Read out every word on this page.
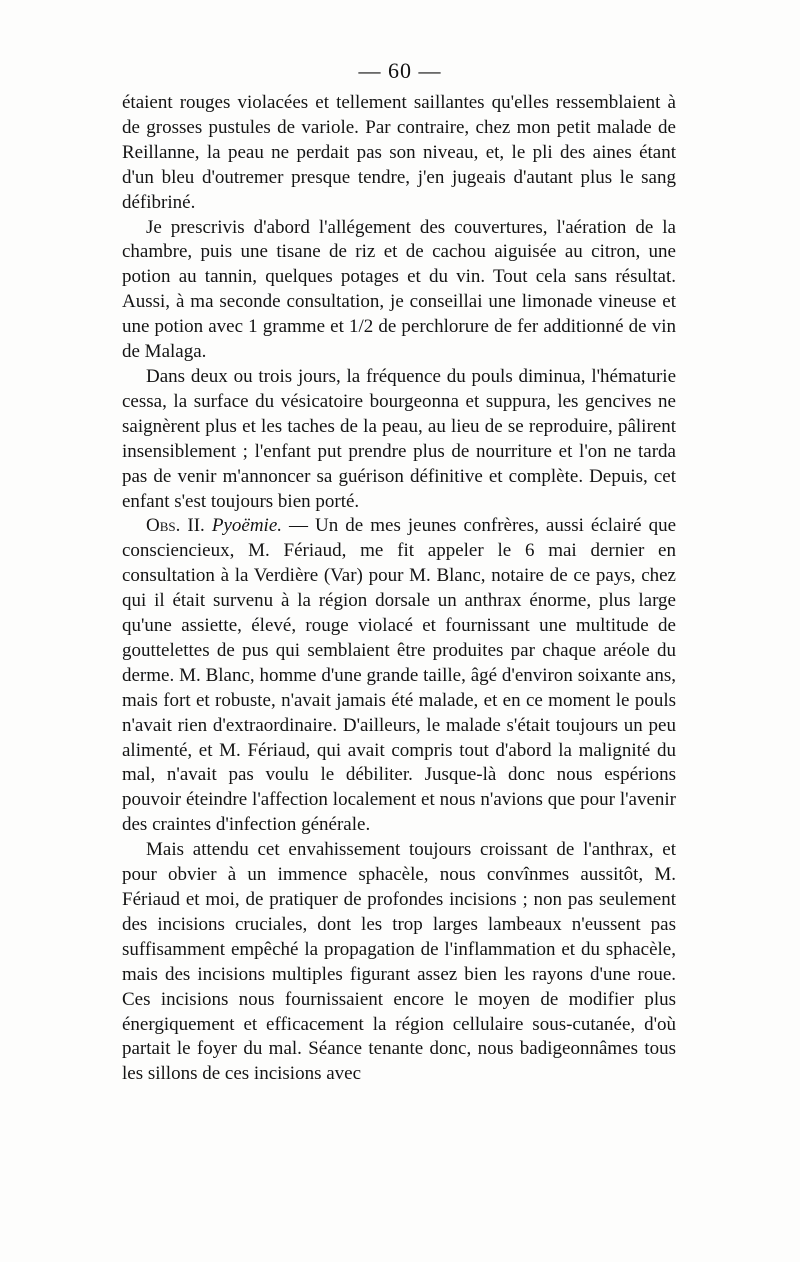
— 60 —

étaient rouges violacées et tellement saillantes qu'elles ressemblaient à de grosses pustules de variole. Par contraire, chez mon petit malade de Reillanne, la peau ne perdait pas son niveau, et, le pli des aines étant d'un bleu d'outremer presque tendre, j'en jugeais d'autant plus le sang défibriné.

Je prescrivis d'abord l'allégement des couvertures, l'aération de la chambre, puis une tisane de riz et de cachou aiguisée au citron, une potion au tannin, quelques potages et du vin. Tout cela sans résultat. Aussi, à ma seconde consultation, je conseillai une limonade vineuse et une potion avec 1 gramme et 1/2 de perchlorure de fer additionné de vin de Malaga.

Dans deux ou trois jours, la fréquence du pouls diminua, l'hématurie cessa, la surface du vésicatoire bourgeonna et suppura, les gencives ne saignèrent plus et les taches de la peau, au lieu de se reproduire, pâlirent insensiblement ; l'enfant put prendre plus de nourriture et l'on ne tarda pas de venir m'annoncer sa guérison définitive et complète. Depuis, cet enfant s'est toujours bien porté.

Obs. II. Pyoëmie. — Un de mes jeunes confrères, aussi éclairé que consciencieux, M. Fériaud, me fit appeler le 6 mai dernier en consultation à la Verdière (Var) pour M. Blanc, notaire de ce pays, chez qui il était survenu à la région dorsale un anthrax énorme, plus large qu'une assiette, élevé, rouge violacé et fournissant une multitude de gouttelettes de pus qui semblaient être produites par chaque aréole du derme. M. Blanc, homme d'une grande taille, âgé d'environ soixante ans, mais fort et robuste, n'avait jamais été malade, et en ce moment le pouls n'avait rien d'extraordinaire. D'ailleurs, le malade s'était toujours un peu alimenté, et M. Fériaud, qui avait compris tout d'abord la malignité du mal, n'avait pas voulu le débiliter. Jusque-là donc nous espérions pouvoir éteindre l'affection localement et nous n'avions que pour l'avenir des craintes d'infection générale.

Mais attendu cet envahissement toujours croissant de l'anthrax, et pour obvier à un immence sphacèle, nous convînmes aussitôt, M. Fériaud et moi, de pratiquer de profondes incisions ; non pas seulement des incisions cruciales, dont les trop larges lambeaux n'eussent pas suffisamment empêché la propagation de l'inflammation et du sphacèle, mais des incisions multiples figurant assez bien les rayons d'une roue. Ces incisions nous fournissaient encore le moyen de modifier plus énergiquement et efficacement la région cellulaire sous-cutanée, d'où partait le foyer du mal. Séance tenante donc, nous badigeonnâmes tous les sillons de ces incisions avec
